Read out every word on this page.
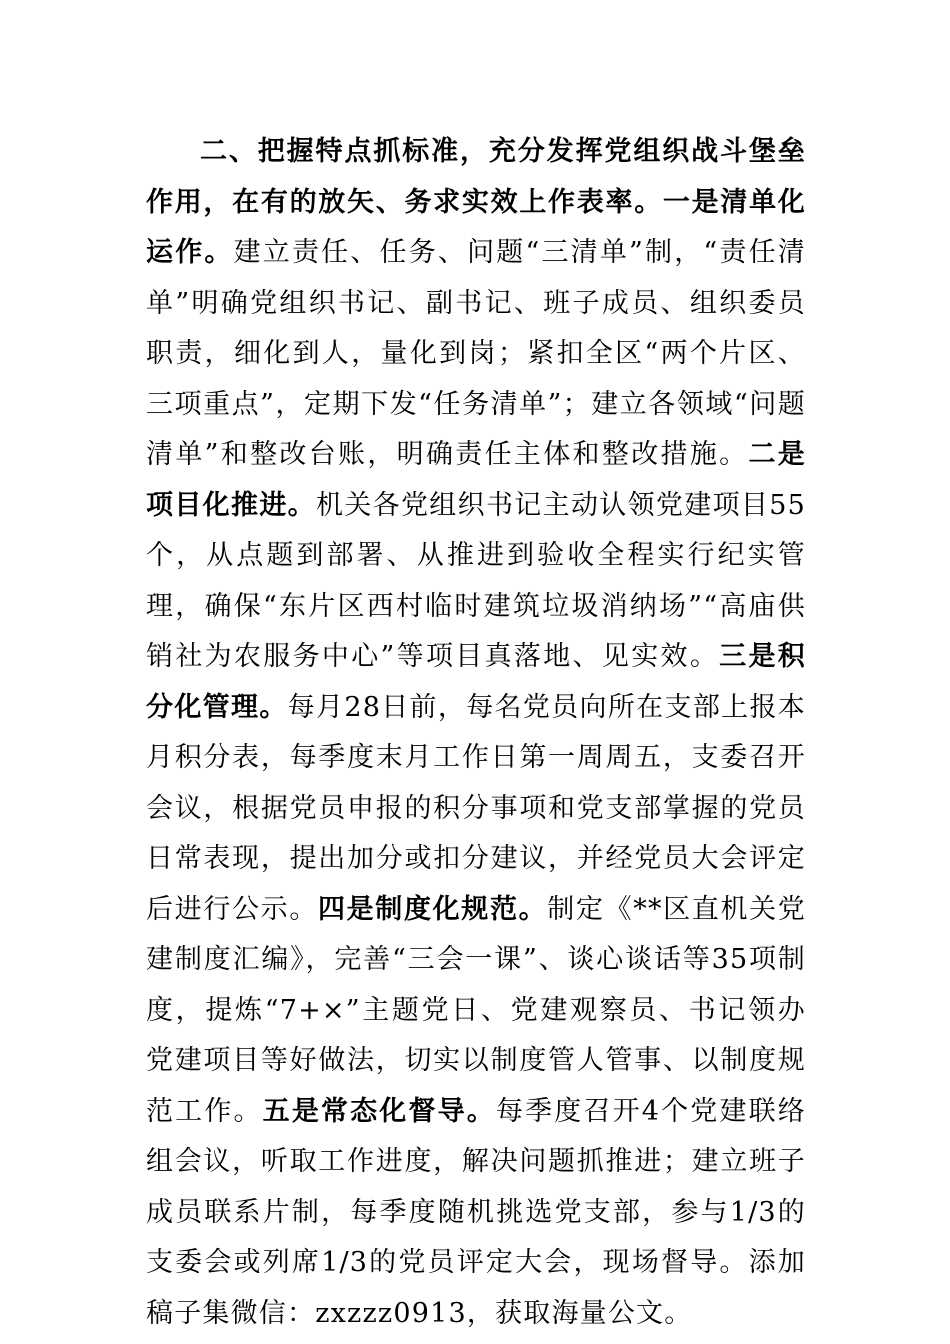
二、把握特点抓标准，充分发挥党组织战斗堡垒作用，在有的放矢、务求实效上作表率。一是清单化运作。建立责任、任务、问题“三清单”制，“责任清单”明确党组织书记、副书记、班子成员、组织委员职责，细化到人，量化到岗；紧扣全区“两个片区、三项重点”，定期下发“任务清单”；建立各领域“问题清单”和整改台账，明确责任主体和整改措施。二是项目化推进。机关各党组织书记主动认领党建项目55个，从点题到部署、从推进到验收全程实行纪实管理，确保“东片区西村临时建筑垃圾消纳场”“高庙供销社为农服务中心”等项目真落地、见实效。三是积分化管理。每月28日前，每名党员向所在支部上报本月积分表，每季度末月工作日第一周周五，支委召开会议，根据党员申报的积分事项和党支部掌握的党员日常表现，提出加分或扣分建议，并经党员大会评定后进行公示。四是制度化规范。制定《**区直机关党建制度汇编》，完善“三会一课”、谈心谈话等35项制度，提炼“7+×”主题党日、党建观察员、书记领办党建项目等好做法，切实以制度管人管事、以制度规范工作。五是常态化督导。每季度召开4个党建联络组会议，听取工作进度，解决问题抓推进；建立班子成员联系片制，每季度随机挑选党支部，参与1/3的支委会或列席1/3的党员评定大会，现场督导。添加稿子集微信：zxzzz0913，获取海量公文。
